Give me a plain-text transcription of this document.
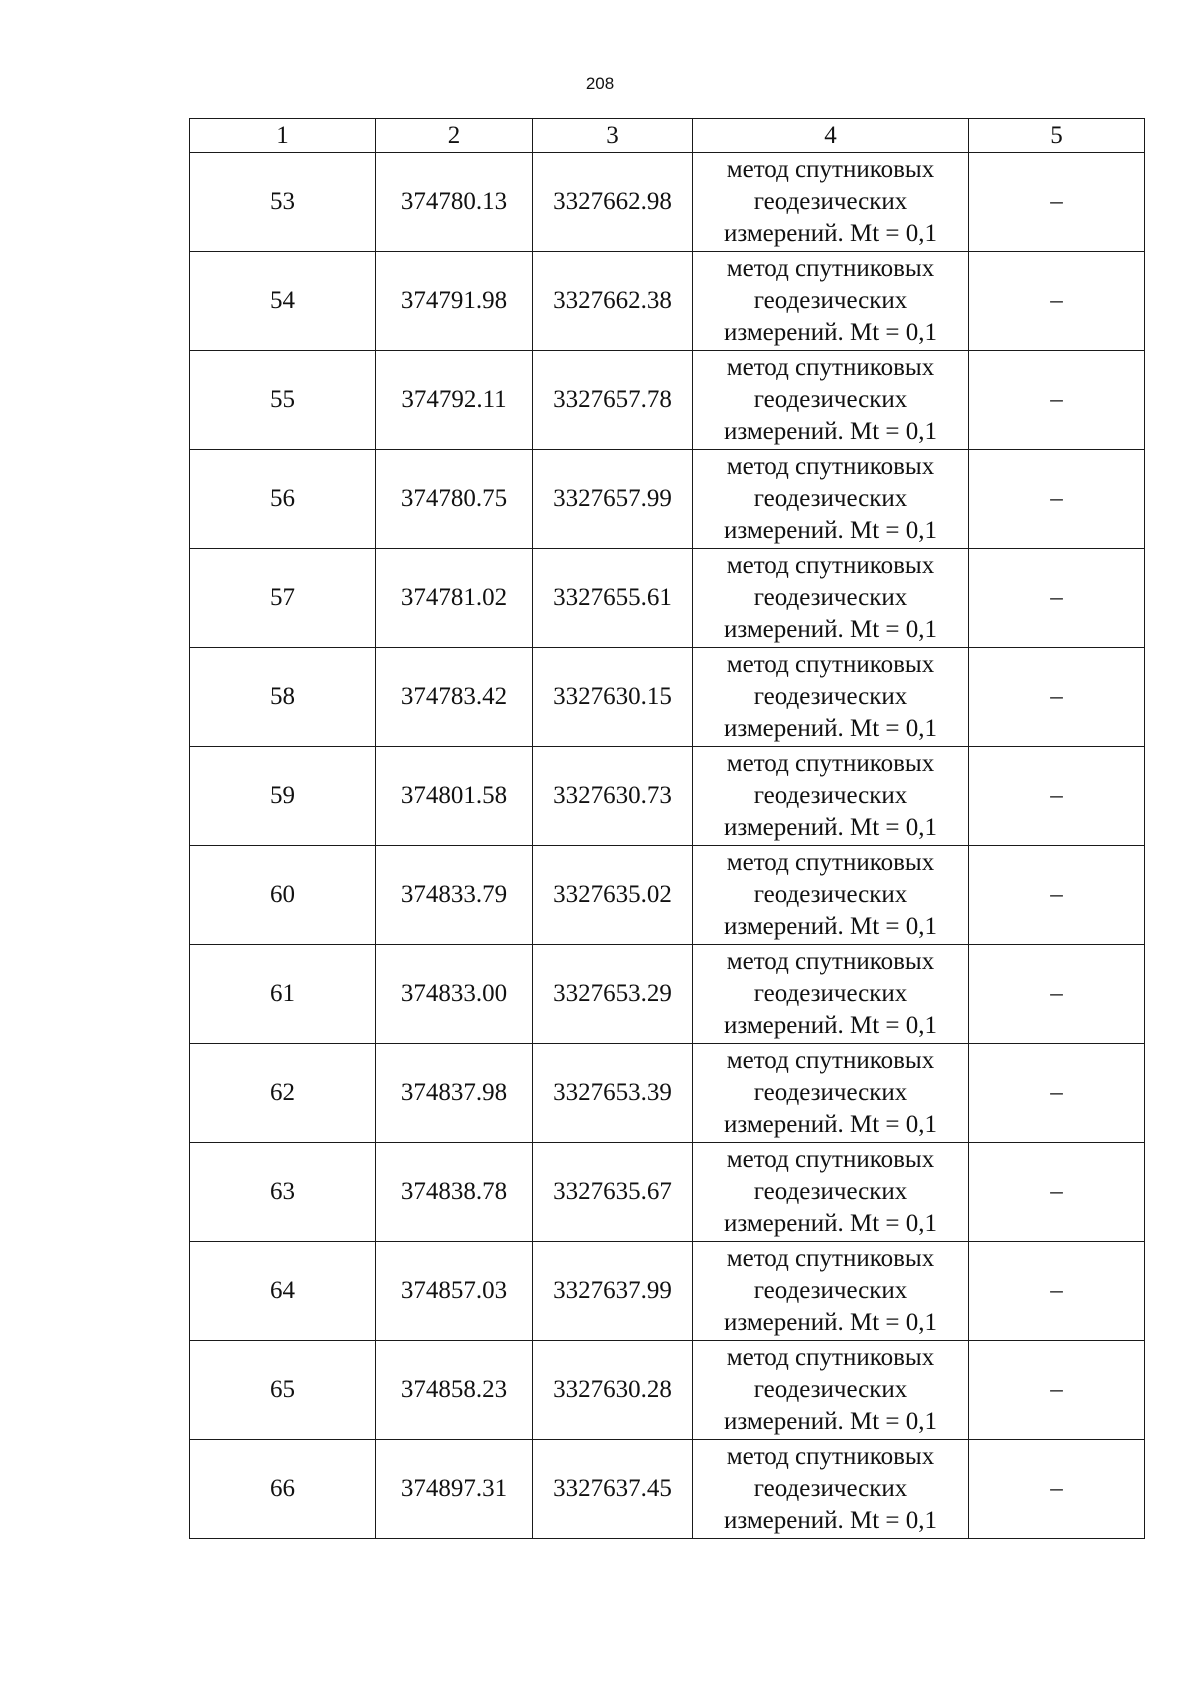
208
1	2	3	4	5
53	374780.13	3327662.98	метод спутниковых геодезических измерений. Mt = 0,1	–
54	374791.98	3327662.38	метод спутниковых геодезических измерений. Mt = 0,1	–
55	374792.11	3327657.78	метод спутниковых геодезических измерений. Mt = 0,1	–
56	374780.75	3327657.99	метод спутниковых геодезических измерений. Mt = 0,1	–
57	374781.02	3327655.61	метод спутниковых геодезических измерений. Mt = 0,1	–
58	374783.42	3327630.15	метод спутниковых геодезических измерений. Mt = 0,1	–
59	374801.58	3327630.73	метод спутниковых геодезических измерений. Mt = 0,1	–
60	374833.79	3327635.02	метод спутниковых геодезических измерений. Mt = 0,1	–
61	374833.00	3327653.29	метод спутниковых геодезических измерений. Mt = 0,1	–
62	374837.98	3327653.39	метод спутниковых геодезических измерений. Mt = 0,1	–
63	374838.78	3327635.67	метод спутниковых геодезических измерений. Mt = 0,1	–
64	374857.03	3327637.99	метод спутниковых геодезических измерений. Mt = 0,1	–
65	374858.23	3327630.28	метод спутниковых геодезических измерений. Mt = 0,1	–
66	374897.31	3327637.45	метод спутниковых геодезических измерений. Mt = 0,1	–
